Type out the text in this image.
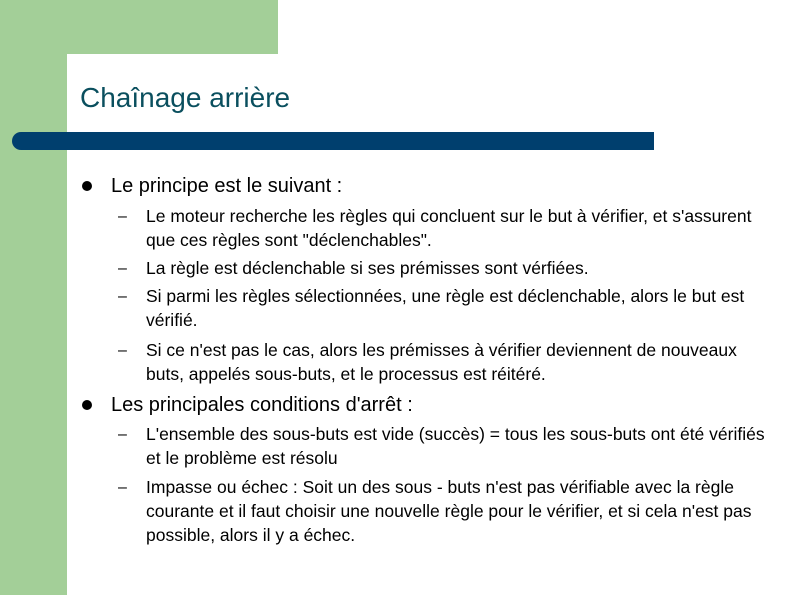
Chaînage arrière

Le principe est le suivant :

– Le moteur recherche les règles qui concluent sur le but à vérifier, et s'assurent que ces règles sont "déclenchables".

– La règle est déclenchable si ses prémisses sont vérfiées.

– Si parmi les règles sélectionnées, une règle est déclenchable, alors le but est vérifié.

– Si ce n'est pas le cas, alors les prémisses à vérifier deviennent de nouveaux buts, appelés sous-buts, et le processus est réitéré.

Les principales conditions d'arrêt :

– L'ensemble des sous-buts est vide (succès) = tous les sous-buts ont été vérifiés et le problème est résolu

– Impasse ou échec : Soit un des sous - buts n'est pas vérifiable avec la règle courante et il faut choisir une nouvelle règle pour le vérifier, et si cela n'est pas possible, alors il y a échec.
